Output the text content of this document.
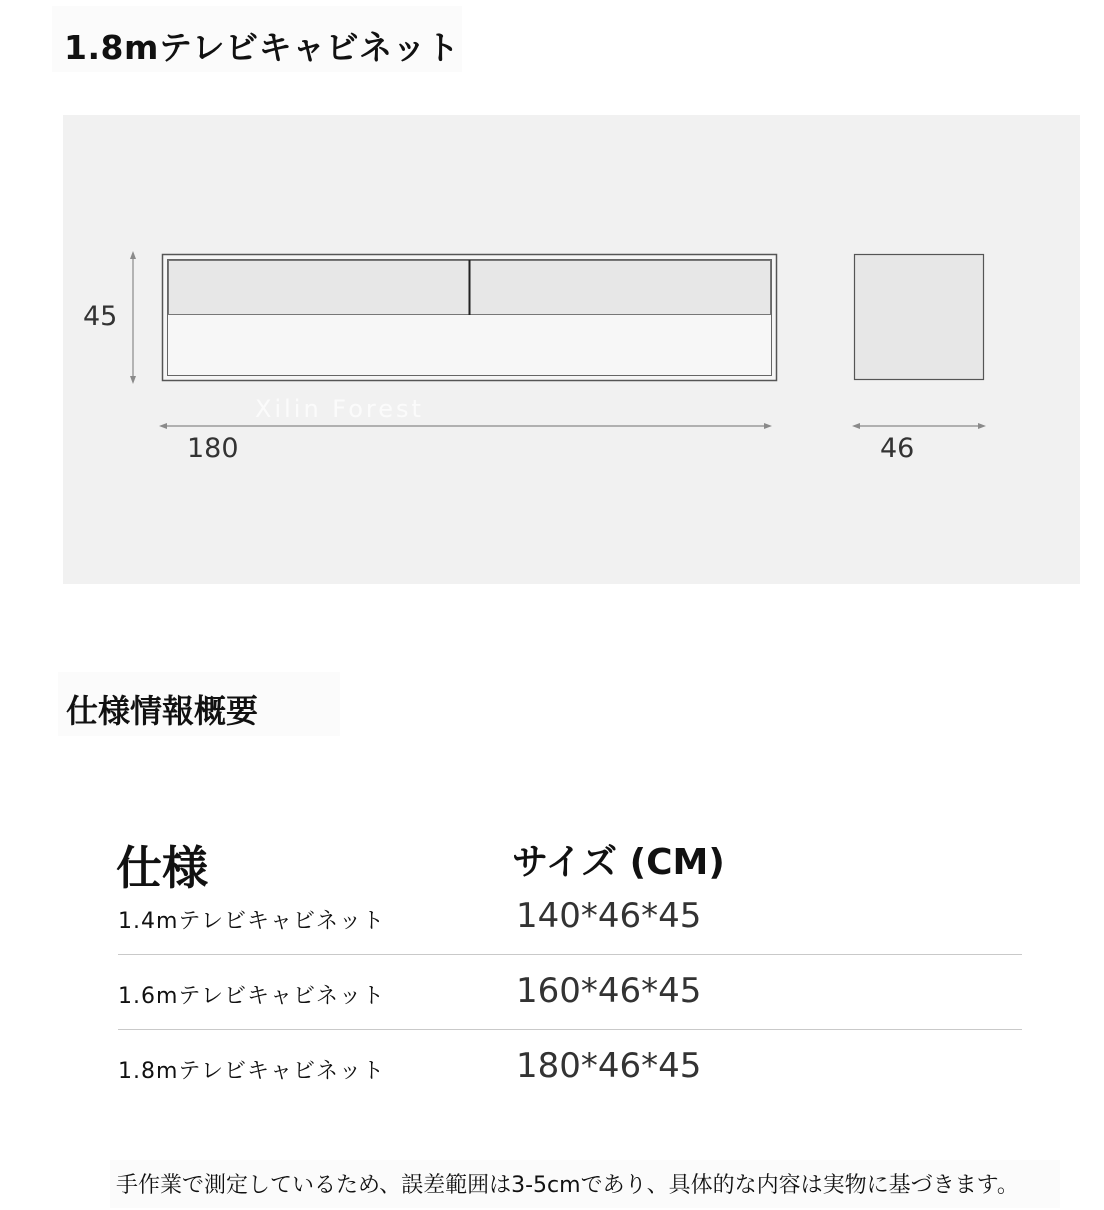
1.8mテレビキャビネット
45
180	46
Xilin Forest
仕様情報概要
仕様	サイズ (CM)
1.4mテレビキャビネット	140*46*45
1.6mテレビキャビネット	160*46*45
1.8mテレビキャビネット	180*46*45
手作業で測定しているため、誤差範囲は3-5cmであり、具体的な内容は実物に基づきます。
